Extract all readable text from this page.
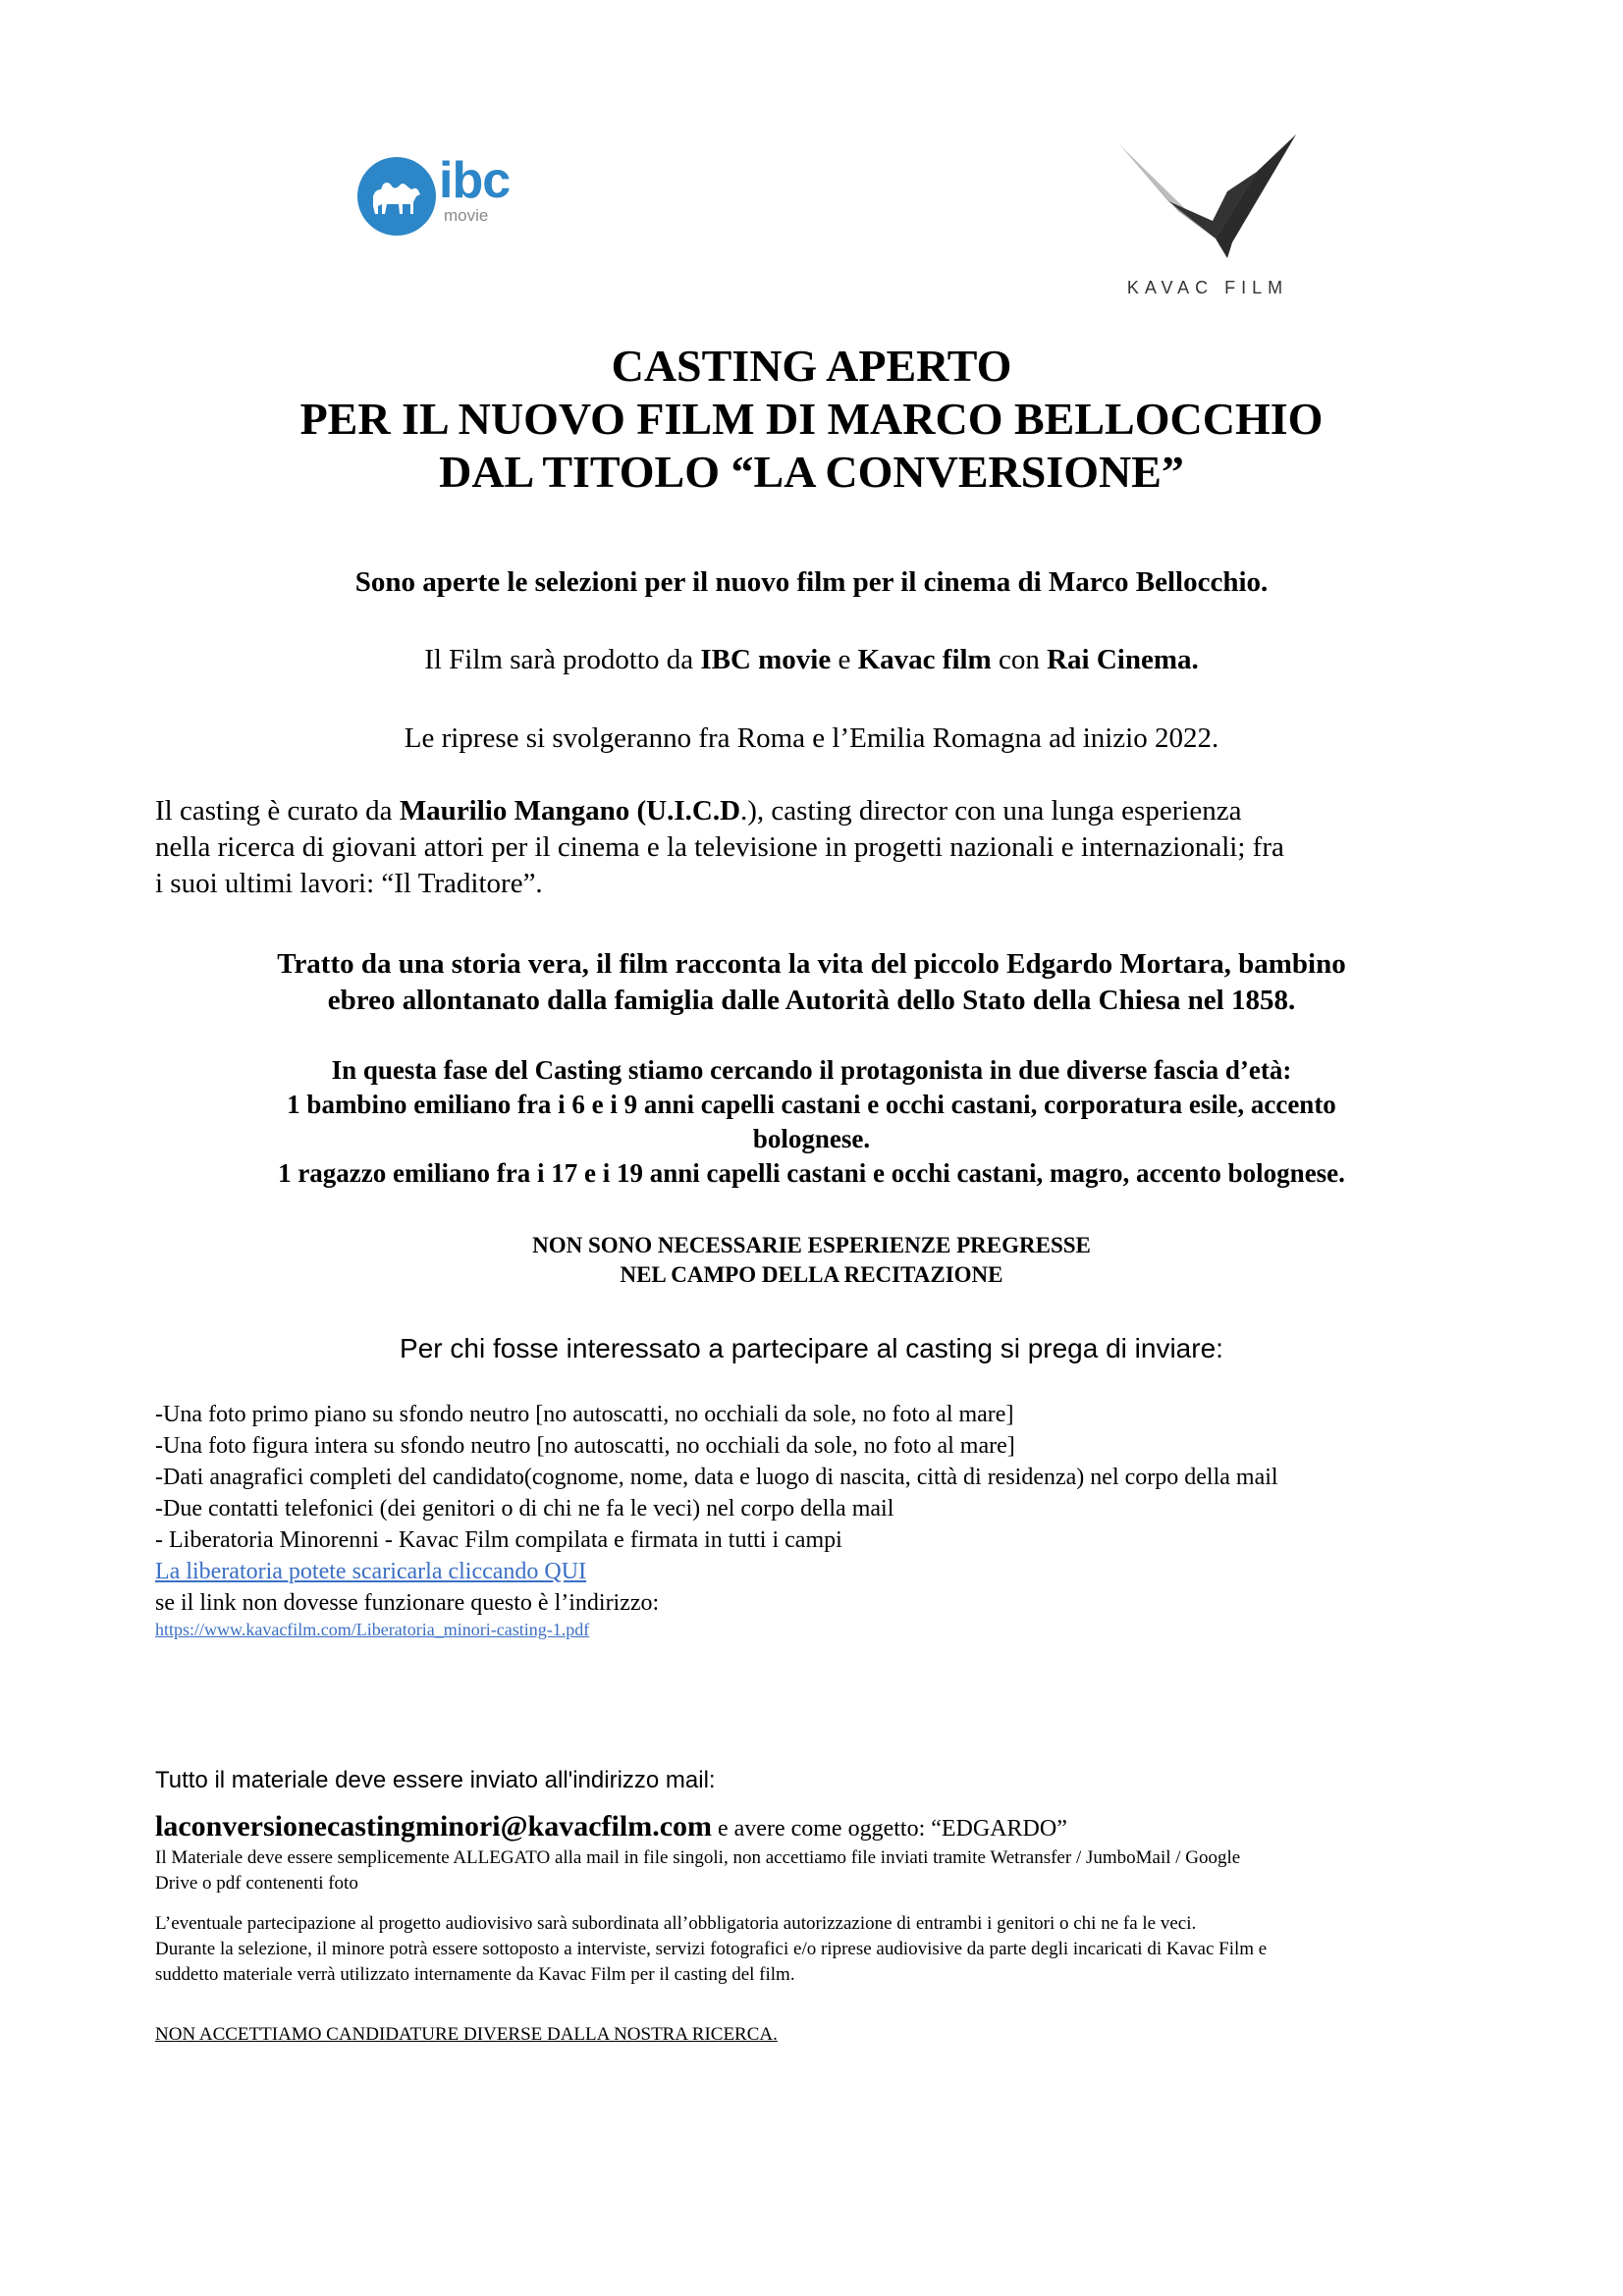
ibc
movie
KAVAC FILM
CASTING APERTO
PER IL NUOVO FILM DI MARCO BELLOCCHIO
DAL TITOLO “LA CONVERSIONE”
Sono aperte le selezioni per il nuovo film per il cinema di Marco Bellocchio.
Il Film sarà prodotto da IBC movie e Kavac film con Rai Cinema.
Le riprese si svolgeranno fra Roma e l’Emilia Romagna ad inizio 2022.
Il casting è curato da Maurilio Mangano (U.I.C.D.), casting director con una lunga esperienza
nella ricerca di giovani attori per il cinema e la televisione in progetti nazionali e internazionali; fra
i suoi ultimi lavori: “Il Traditore”.
Tratto da una storia vera, il film racconta la vita del piccolo Edgardo Mortara, bambino
ebreo allontanato dalla famiglia dalle Autorità dello Stato della Chiesa nel 1858.
In questa fase del Casting stiamo cercando il protagonista in due diverse fascia d’età:
1 bambino emiliano fra i 6 e i 9 anni capelli castani e occhi castani, corporatura esile, accento
bolognese.
1 ragazzo emiliano fra i 17 e i 19 anni capelli castani e occhi castani, magro, accento bolognese.
NON SONO NECESSARIE ESPERIENZE PREGRESSE
NEL CAMPO DELLA RECITAZIONE
Per chi fosse interessato a partecipare al casting si prega di inviare:
-Una foto primo piano su sfondo neutro [no autoscatti, no occhiali da sole, no foto al mare]
-Una foto figura intera su sfondo neutro [no autoscatti, no occhiali da sole, no foto al mare]
-Dati anagrafici completi del candidato(cognome, nome, data e luogo di nascita, città di residenza) nel corpo della mail
-Due contatti telefonici (dei genitori o di chi ne fa le veci) nel corpo della mail
- Liberatoria Minorenni - Kavac Film compilata e firmata in tutti i campi
La liberatoria potete scaricarla cliccando QUI
se il link non dovesse funzionare questo è l’indirizzo:
https://www.kavacfilm.com/Liberatoria_minori-casting-1.pdf
Tutto il materiale deve essere inviato all'indirizzo mail:
laconversionecastingminori@kavacfilm.com e avere come oggetto: “EDGARDO”
Il Materiale deve essere semplicemente ALLEGATO alla mail in file singoli, non accettiamo file inviati tramite Wetransfer / JumboMail / Google
Drive o pdf contenenti foto
L’eventuale partecipazione al progetto audiovisivo sarà subordinata all’obbligatoria autorizzazione di entrambi i genitori o chi ne fa le veci.
Durante la selezione, il minore potrà essere sottoposto a interviste, servizi fotografici e/o riprese audiovisive da parte degli incaricati di Kavac Film e
suddetto materiale verrà utilizzato internamente da Kavac Film per il casting del film.
NON ACCETTIAMO CANDIDATURE DIVERSE DALLA NOSTRA RICERCA.
